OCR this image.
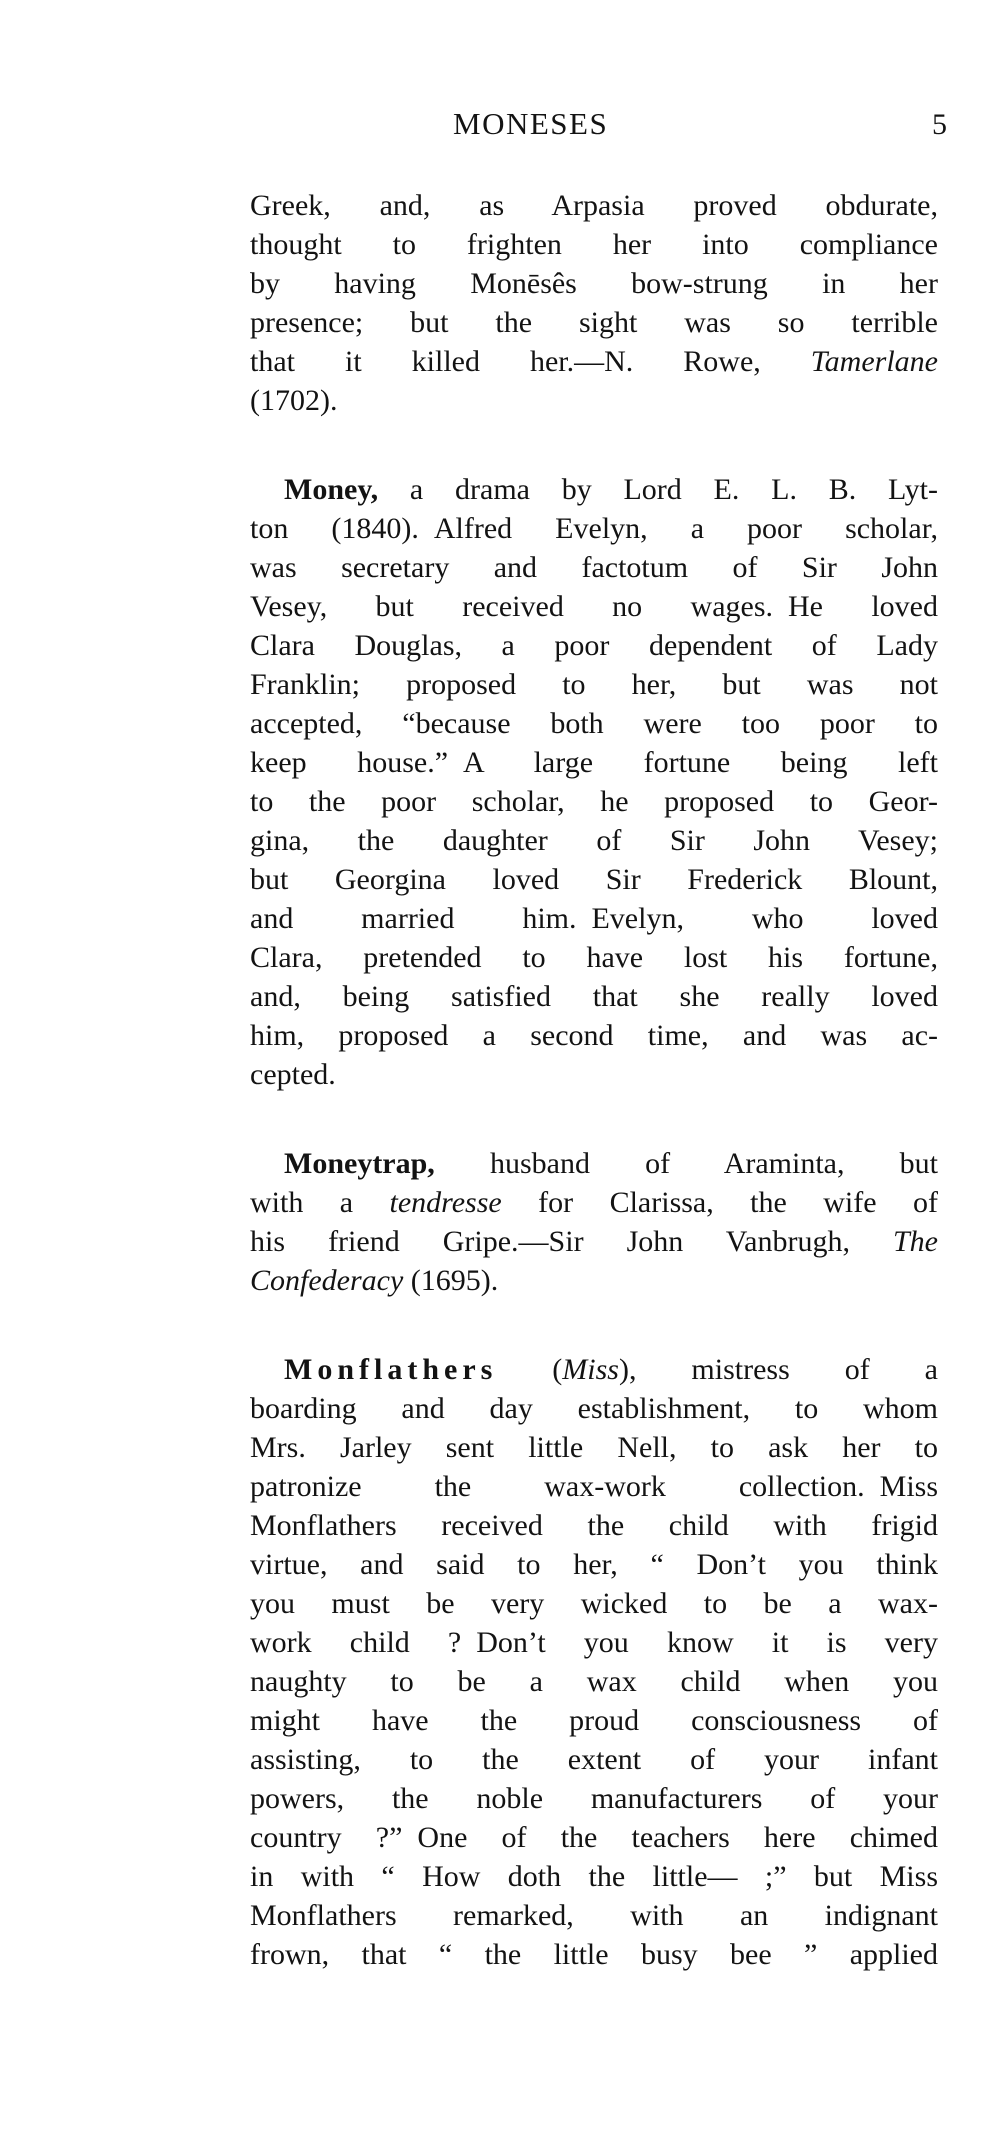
MONESES	5
Greek, and, as Arpasia proved obdurate,
thought to frighten her into compliance
by having Monēsês bow-strung in her
presence; but the sight was so terrible
that it killed her.—N. Rowe, Tamerlane
(1702).
Money, a drama by Lord E. L. B. Lyt-
ton (1840). Alfred Evelyn, a poor scholar,
was secretary and factotum of Sir John
Vesey, but received no wages. He loved
Clara Douglas, a poor dependent of Lady
Franklin; proposed to her, but was not
accepted, “because both were too poor to
keep house.” A large fortune being left
to the poor scholar, he proposed to Geor-
gina, the daughter of Sir John Vesey;
but Georgina loved Sir Frederick Blount,
and married him. Evelyn, who loved
Clara, pretended to have lost his fortune,
and, being satisfied that she really loved
him, proposed a second time, and was ac-
cepted.
Moneytrap, husband of Araminta, but
with a tendresse for Clarissa, the wife of
his friend Gripe.—Sir John Vanbrugh, The
Confederacy (1695).
Monflathers (Miss), mistress of a
boarding and day establishment, to whom
Mrs. Jarley sent little Nell, to ask her to
patronize the wax-work collection. Miss
Monflathers received the child with frigid
virtue, and said to her, “ Don’t you think
you must be very wicked to be a wax-
work child ? Don’t you know it is very
naughty to be a wax child when you
might have the proud consciousness of
assisting, to the extent of your infant
powers, the noble manufacturers of your
country ?” One of the teachers here chimed
in with “ How doth the little— ;” but Miss
Monflathers remarked, with an indignant
frown, that “ the little busy bee ” applied
